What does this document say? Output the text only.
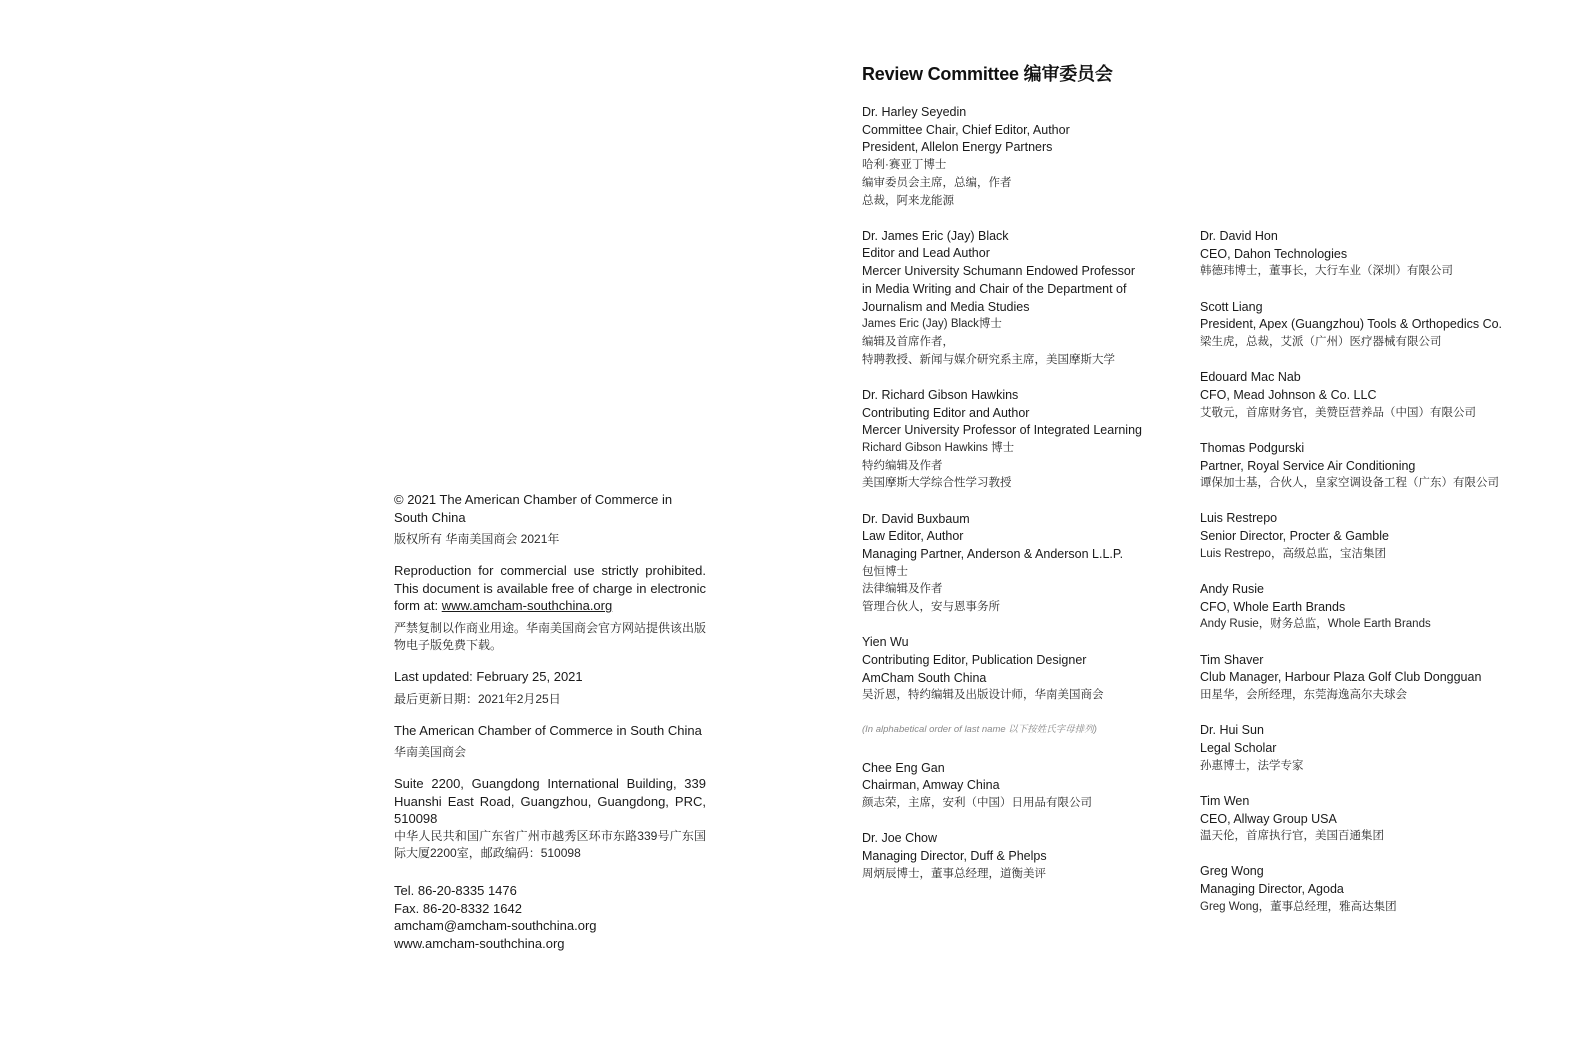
© 2021 The American Chamber of Commerce in South China
版权所有 华南美国商会 2021年
Reproduction for commercial use strictly prohibited. This document is available free of charge in electronic form at: www.amcham-southchina.org
严禁复制以作商业用途。华南美国商会官方网站提供该出版物电子版免费下载。
Last updated: February 25, 2021
最后更新日期：2021年2月25日
The American Chamber of Commerce in South China
华南美国商会
Suite 2200, Guangdong International Building, 339 Huanshi East Road, Guangzhou, Guangdong, PRC, 510098
中华人民共和国广东省广州市越秀区环市东路339号广东国际大厦2200室，邮政编码：510098
Tel. 86-20-8335 1476
Fax. 86-20-8332 1642
amcham@amcham-southchina.org
www.amcham-southchina.org
Review Committee 编审委员会
Dr. Harley Seyedin
Committee Chair, Chief Editor, Author
President, Allelon Energy Partners
哈利·赛亚丁博士
编审委员会主席，总编，作者
总裁，阿来龙能源
Dr. James Eric (Jay) Black
Editor and Lead Author
Mercer University Schumann Endowed Professor
in Media Writing and Chair of the Department of
Journalism and Media Studies
James Eric (Jay) Black博士
编辑及首席作者，
特聘教授、新闻与媒介研究系主席，美国摩斯大学
Dr. Richard Gibson Hawkins
Contributing Editor and Author
Mercer University Professor of Integrated Learning
Richard Gibson Hawkins 博士
特约编辑及作者
美国摩斯大学综合性学习教授
Dr. David Buxbaum
Law Editor, Author
Managing Partner, Anderson & Anderson L.L.P.
包恒博士
法律编辑及作者
管理合伙人，安与恩事务所
Yien Wu
Contributing Editor, Publication Designer
AmCham South China
吴沂恩，特约编辑及出版设计师，华南美国商会
(In alphabetical order of last name 以下按姓氏字母排列)
Chee Eng Gan
Chairman, Amway China
颜志荣，主席，安利（中国）日用品有限公司
Dr. Joe Chow
Managing Director, Duff & Phelps
周炳辰博士，董事总经理，道衡美评
Dr. David Hon
CEO, Dahon Technologies
韩德玮博士，董事长，大行车业（深圳）有限公司
Scott Liang
President, Apex (Guangzhou) Tools & Orthopedics Co.
梁生虎，总裁，艾派（广州）医疗器械有限公司
Edouard Mac Nab
CFO, Mead Johnson & Co. LLC
艾敬元，首席财务官，美赞臣营养品（中国）有限公司
Thomas Podgurski
Partner, Royal Service Air Conditioning
谭保加士基，合伙人，皇家空调设备工程（广东）有限公司
Luis Restrepo
Senior Director, Procter & Gamble
Luis Restrepo，高级总监，宝洁集团
Andy Rusie
CFO, Whole Earth Brands
Andy Rusie，财务总监，Whole Earth Brands
Tim Shaver
Club Manager, Harbour Plaza Golf Club Dongguan
田星华，会所经理，东莞海逸高尔夫球会
Dr. Hui Sun
Legal Scholar
孙惠博士，法学专家
Tim Wen
CEO, Allway Group USA
温天伦，首席执行官，美国百通集团
Greg Wong
Managing Director, Agoda
Greg Wong，董事总经理，雅高达集团
